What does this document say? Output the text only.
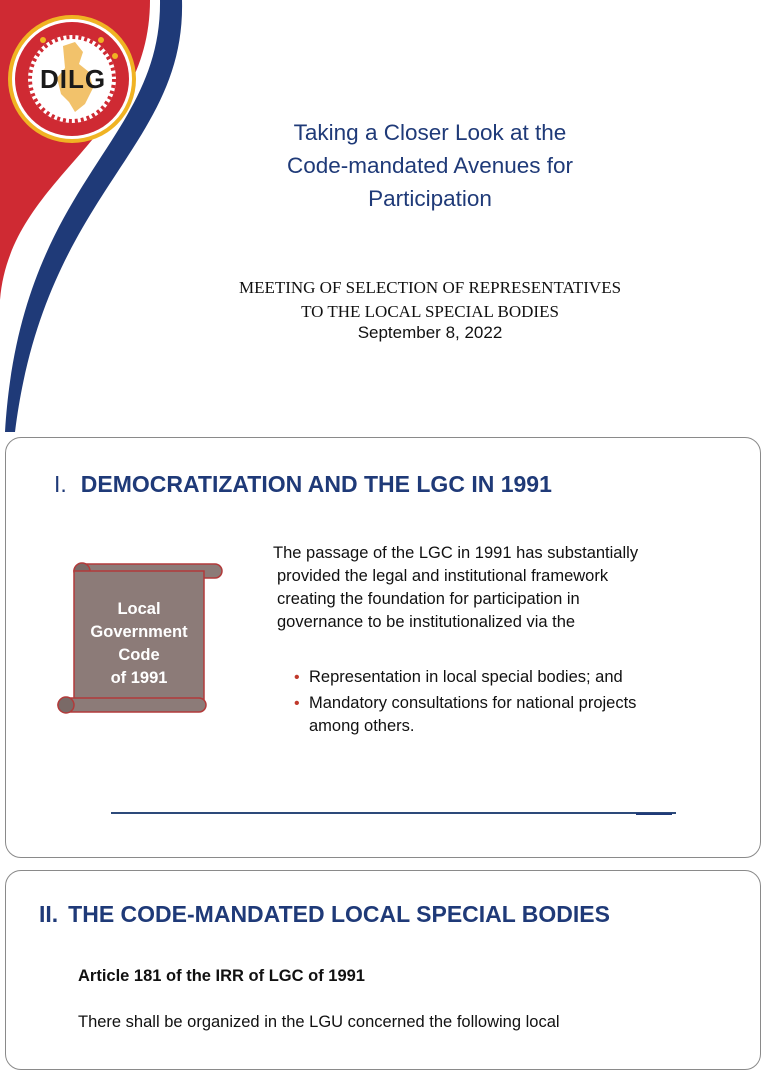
DILG
Taking a Closer Look at the
Code-mandated Avenues for
Participation
MEETING OF SELECTION OF REPRESENTATIVES
TO THE LOCAL SPECIAL BODIES
September 8, 2022
I. DEMOCRATIZATION AND THE LGC IN 1991
Local
Government
Code
of 1991
The passage of the LGC in 1991 has substantially
provided the legal and institutional framework
creating the foundation for participation in
governance to be institutionalized via the
• Representation in local special bodies; and
• Mandatory consultations for national projects
among others.
II. THE CODE-MANDATED LOCAL SPECIAL BODIES
Article 181 of the IRR of LGC of 1991
There shall be organized in the LGU concerned the following local
